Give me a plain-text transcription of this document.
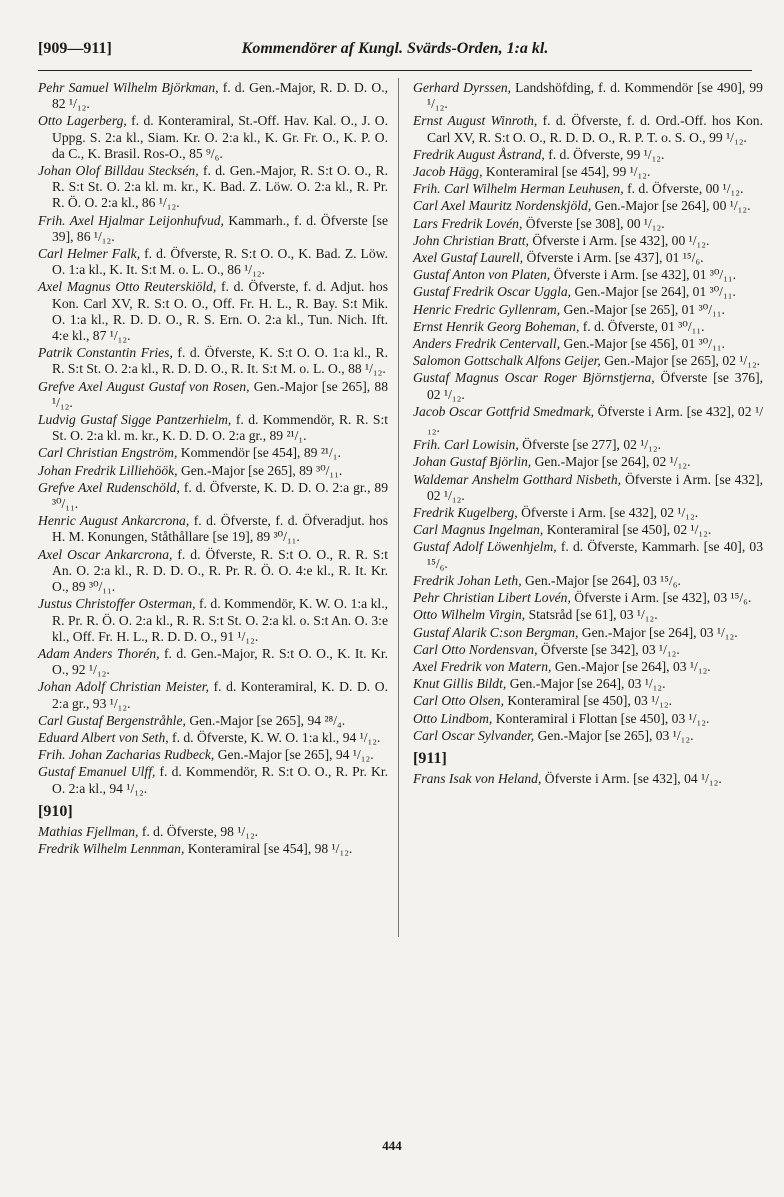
[909—911]	Kommendörer af Kungl. Svärds-Orden, 1:a kl.
Pehr Samuel Wilhelm Björkman, f. d. Gen.-Major, R. D. D. O., 82 ¹/₁₂.
Otto Lagerberg, f. d. Konteramiral, St.-Off. Hav. Kal. O., J. O. Uppg. S. 2:a kl., Siam. Kr. O. 2:a kl., K. Gr. Fr. O., K. P. O. da C., K. Brasil. Ros-O., 85 ⁹/₆.
Johan Olof Billdau Stecksén, f. d. Gen.-Major, R. S:t O. O., R. R. S:t St. O. 2:a kl. m. kr., K. Bad. Z. Löw. O. 2:a kl., R. Pr. R. Ö. O. 2:a kl., 86 ¹/₁₂.
Frih. Axel Hjalmar Leijonhufvud, Kammarh., f. d. Öfverste [se 39], 86 ¹/₁₂.
Carl Helmer Falk, f. d. Öfverste, R. S:t O. O., K. Bad. Z. Löw. O. 1:a kl., K. It. S:t M. o. L. O., 86 ¹/₁₂.
Axel Magnus Otto Reuterskiöld, f. d. Öfverste, f. d. Adjut. hos Kon. Carl XV, R. S:t O. O., Off. Fr. H. L., R. Bay. S:t Mik. O. 1:a kl., R. D. D. O., R. S. Ern. O. 2:a kl., Tun. Nich. Ift. 4:e kl., 87 ¹/₁₂.
Patrik Constantin Fries, f. d. Öfverste, K. S:t O. O. 1:a kl., R. R. S:t St. O. 2:a kl., R. D. D. O., R. It. S:t M. o. L. O., 88 ¹/₁₂.
Grefve Axel August Gustaf von Rosen, Gen.-Major [se 265], 88 ¹/₁₂.
Ludvig Gustaf Sigge Pantzerhielm, f. d. Kommendör, R. R. S:t St. O. 2:a kl. m. kr., K. D. D. O. 2:a gr., 89 ²¹/₁.
Carl Christian Engström, Kommendör [se 454], 89 ²¹/₁.
Johan Fredrik Lilliehöök, Gen.-Major [se 265], 89 ³⁰/₁₁.
Grefve Axel Rudenschöld, f. d. Öfverste, K. D. D. O. 2:a gr., 89 ³⁰/₁₁.
Henric August Ankarcrona, f. d. Öfverste, f. d. Öfveradjut. hos H. M. Konungen, Ståthållare [se 19], 89 ³⁰/₁₁.
Axel Oscar Ankarcrona, f. d. Öfverste, R. S:t O. O., R. R. S:t An. O. 2:a kl., R. D. D. O., R. Pr. R. Ö. O. 4:e kl., R. It. Kr. O., 89 ³⁰/₁₁.
Justus Christoffer Osterman, f. d. Kommendör, K. W. O. 1:a kl., R. Pr. R. Ö. O. 2:a kl., R. R. S:t St. O. 2:a kl. o. S:t An. O. 3:e kl., Off. Fr. H. L., R. D. D. O., 91 ¹/₁₂.
Adam Anders Thorén, f. d. Gen.-Major, R. S:t O. O., K. It. Kr. O., 92 ¹/₁₂.
Johan Adolf Christian Meister, f. d. Konteramiral, K. D. D. O. 2:a gr., 93 ¹/₁₂.
Carl Gustaf Bergenstråhle, Gen.-Major [se 265], 94 ²⁸/₄.
Eduard Albert von Seth, f. d. Öfverste, K. W. O. 1:a kl., 94 ¹/₁₂.
Frih. Johan Zacharias Rudbeck, Gen.-Major [se 265], 94 ¹/₁₂.
Gustaf Emanuel Ulff, f. d. Kommendör, R. S:t O. O., R. Pr. Kr. O. 2:a kl., 94 ¹/₁₂.
[910]
Mathias Fjellman, f. d. Öfverste, 98 ¹/₁₂.
Fredrik Wilhelm Lennman, Konteramiral [se 454], 98 ¹/₁₂.
Gerhard Dyrssen, Landshöfding, f. d. Kommendör [se 490], 99 ¹/₁₂.
Ernst August Winroth, f. d. Öfverste, f. d. Ord.-Off. hos Kon. Carl XV, R. S:t O. O., R. D. D. O., R. P. T. o. S. O., 99 ¹/₁₂.
Fredrik August Åstrand, f. d. Öfverste, 99 ¹/₁₂.
Jacob Hägg, Konteramiral [se 454], 99 ¹/₁₂.
Frih. Carl Wilhelm Herman Leuhusen, f. d. Öfverste, 00 ¹/₁₂.
Carl Axel Mauritz Nordenskjöld, Gen.-Major [se 264], 00 ¹/₁₂.
Lars Fredrik Lovén, Öfverste [se 308], 00 ¹/₁₂.
John Christian Bratt, Öfverste i Arm. [se 432], 00 ¹/₁₂.
Axel Gustaf Laurell, Öfverste i Arm. [se 437], 01 ¹⁵/₆.
Gustaf Anton von Platen, Öfverste i Arm. [se 432], 01 ³⁰/₁₁.
Gustaf Fredrik Oscar Uggla, Gen.-Major [se 264], 01 ³⁰/₁₁.
Henric Fredric Gyllenram, Gen.-Major [se 265], 01 ³⁰/₁₁.
Ernst Henrik Georg Boheman, f. d. Öfverste, 01 ³⁰/₁₁.
Anders Fredrik Centervall, Gen.-Major [se 456], 01 ³⁰/₁₁.
Salomon Gottschalk Alfons Geijer, Gen.-Major [se 265], 02 ¹/₁₂.
Gustaf Magnus Oscar Roger Björnstjerna, Öfverste [se 376], 02 ¹/₁₂.
Jacob Oscar Gottfrid Smedmark, Öfverste i Arm. [se 432], 02 ¹/₁₂.
Frih. Carl Lowisin, Öfverste [se 277], 02 ¹/₁₂.
Johan Gustaf Björlin, Gen.-Major [se 264], 02 ¹/₁₂.
Waldemar Anshelm Gotthard Nisbeth, Öfverste i Arm. [se 432], 02 ¹/₁₂.
Fredrik Kugelberg, Öfverste i Arm. [se 432], 02 ¹/₁₂.
Carl Magnus Ingelman, Konteramiral [se 450], 02 ¹/₁₂.
Gustaf Adolf Löwenhjelm, f. d. Öfverste, Kammarh. [se 40], 03 ¹⁵/₆.
Fredrik Johan Leth, Gen.-Major [se 264], 03 ¹⁵/₆.
Pehr Christian Libert Lovén, Öfverste i Arm. [se 432], 03 ¹⁵/₆.
Otto Wilhelm Virgin, Statsråd [se 61], 03 ¹/₁₂.
Gustaf Alarik C:son Bergman, Gen.-Major [se 264], 03 ¹/₁₂.
Carl Otto Nordensvan, Öfverste [se 342], 03 ¹/₁₂.
Axel Fredrik von Matern, Gen.-Major [se 264], 03 ¹/₁₂.
Knut Gillis Bildt, Gen.-Major [se 264], 03 ¹/₁₂.
Carl Otto Olsen, Konteramiral [se 450], 03 ¹/₁₂.
Otto Lindbom, Konteramiral i Flottan [se 450], 03 ¹/₁₂.
Carl Oscar Sylvander, Gen.-Major [se 265], 03 ¹/₁₂.
[911]
Frans Isak von Heland, Öfverste i Arm. [se 432], 04 ¹/₁₂.
444
